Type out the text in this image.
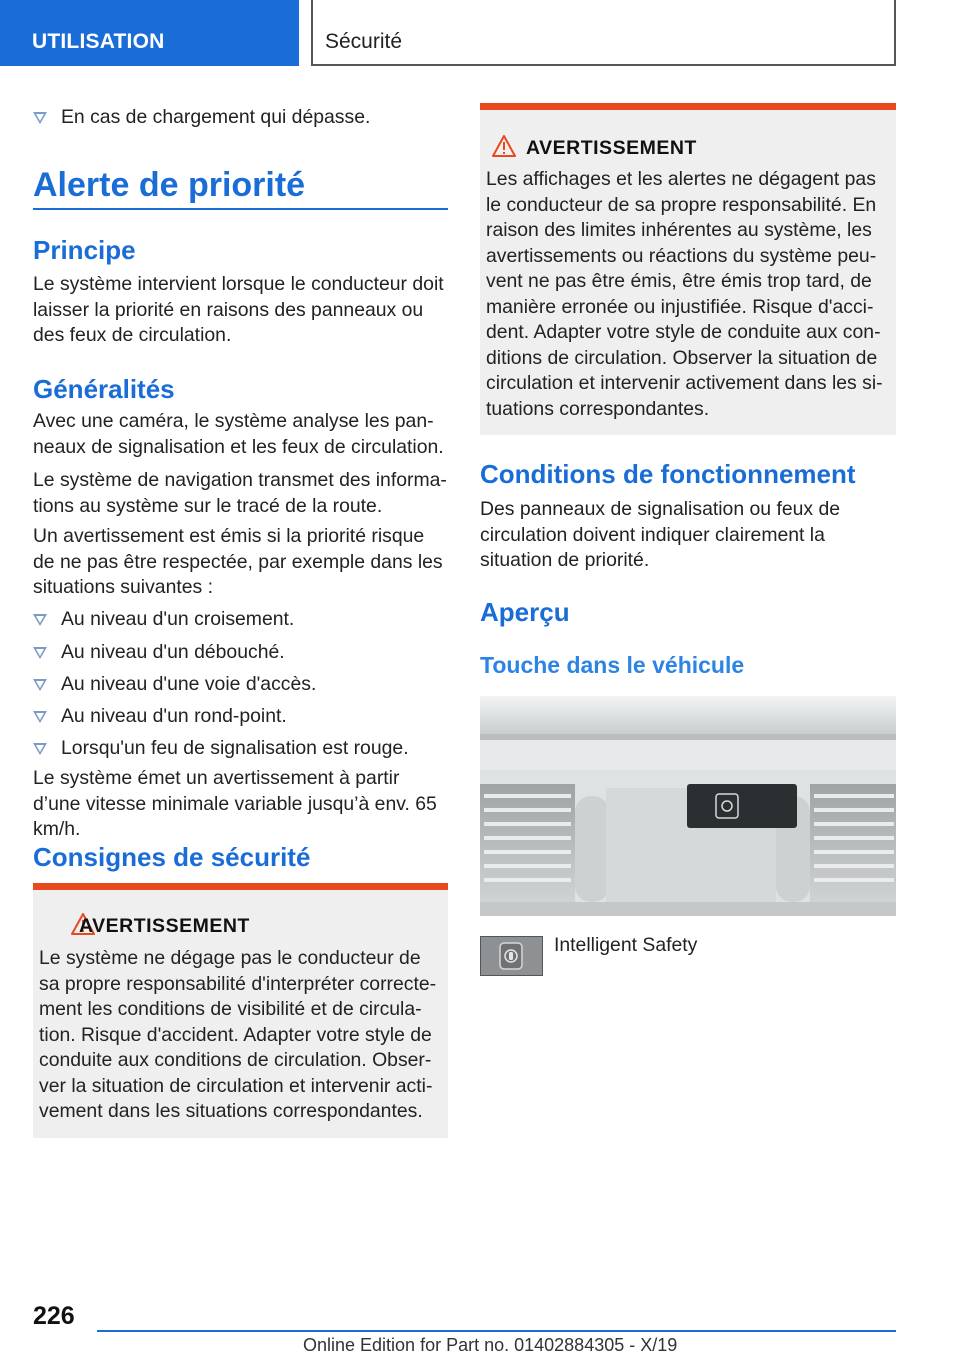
UTILISATION	Sécurité
En cas de chargement qui dépasse.
Alerte de priorité
Principe
Le système intervient lorsque le conducteur doit laisser la priorité en raisons des panneaux ou des feux de circulation.
Généralités
Avec une caméra, le système analyse les panneaux de signalisation et les feux de circulation.
Le système de navigation transmet des informations au système sur le tracé de la route.
Un avertissement est émis si la priorité risque de ne pas être respectée, par exemple dans les situations suivantes :
Au niveau d'un croisement.
Au niveau d'un débouché.
Au niveau d'une voie d'accès.
Au niveau d'un rond-point.
Lorsqu'un feu de signalisation est rouge.
Le système émet un avertissement à partir d’une vitesse minimale variable jusqu’à env. 65 km/h.
Consignes de sécurité
AVERTISSEMENT
Le système ne dégage pas le conducteur de sa propre responsabilité d'interpréter correctement les conditions de visibilité et de circulation. Risque d'accident. Adapter votre style de conduite aux conditions de circulation. Observer la situation de circulation et intervenir activement dans les situations correspondantes.
AVERTISSEMENT
Les affichages et les alertes ne dégagent pas le conducteur de sa propre responsabilité. En raison des limites inhérentes au système, les avertissements ou réactions du système peuvent ne pas être émis, être émis trop tard, de manière erronée ou injustifiée. Risque d'accident. Adapter votre style de conduite aux conditions de circulation. Observer la situation de circulation et intervenir activement dans les situations correspondantes.
Conditions de fonctionnement
Des panneaux de signalisation ou feux de circulation doivent indiquer clairement la situation de priorité.
Aperçu
Touche dans le véhicule
Intelligent Safety
226
Online Edition for Part no. 01402884305 - X/19
